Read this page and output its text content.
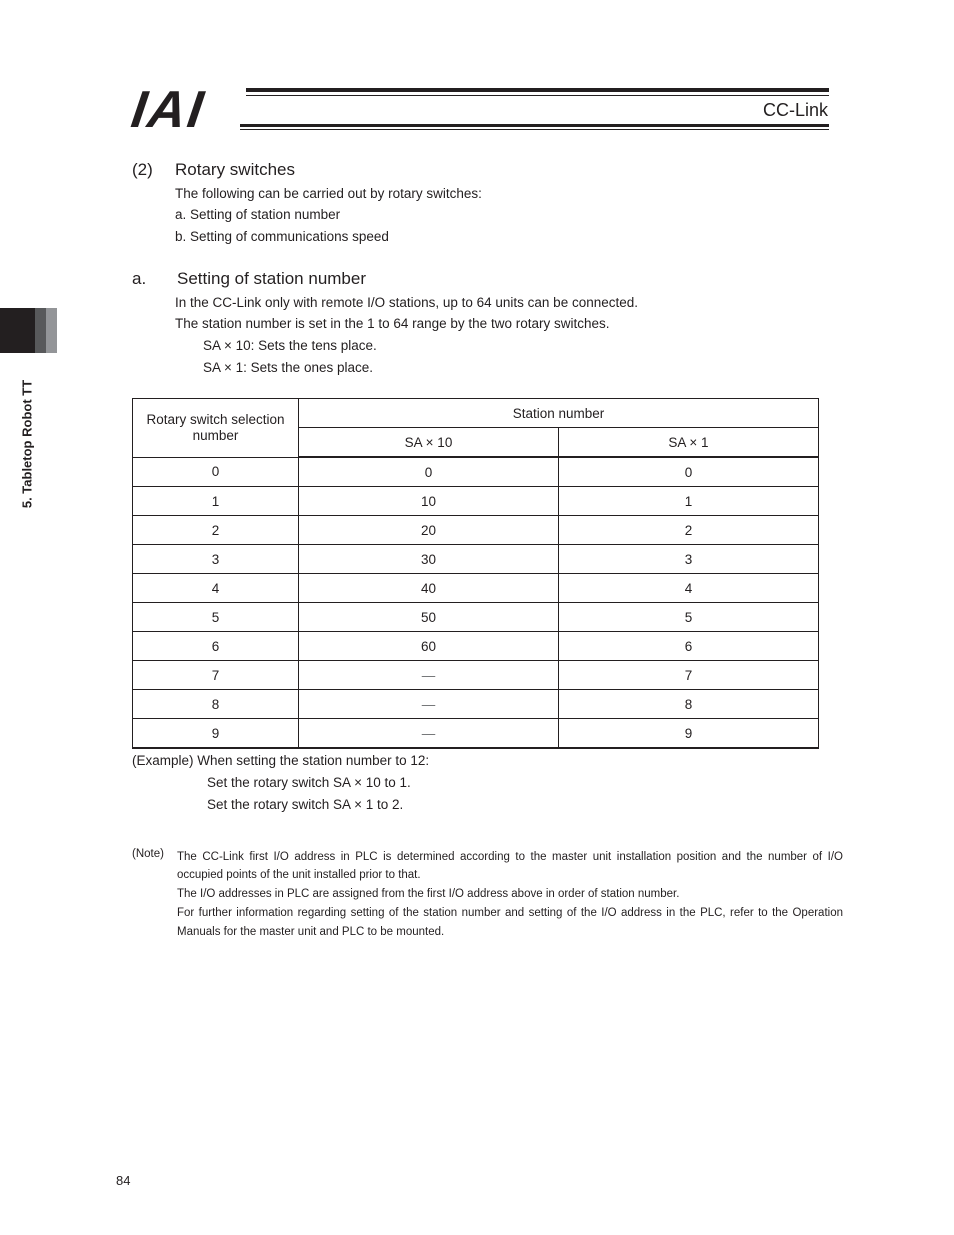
IAI	CC-Link
5. Tabletop Robot TT
(2) Rotary switches
The following can be carried out by rotary switches:
a. Setting of station number
b. Setting of communications speed
a. Setting of station number
In the CC-Link only with remote I/O stations, up to 64 units can be connected.
The station number is set in the 1 to 64 range by the two rotary switches.
SA × 10: Sets the tens place.
SA × 1: Sets the ones place.
Rotary switch selection number	Station number	
	SA × 10	SA × 1
0	0	0
1	10	1
2	20	2
3	30	3
4	40	4
5	50	5
6	60	6
7	—	7
8	—	8
9	—	9
(Example) When setting the station number to 12:
Set the rotary switch SA × 10 to 1.
Set the rotary switch SA × 1 to 2.
(Note) The CC-Link first I/O address in PLC is determined according to the master unit installation position and the number of I/O occupied points of the unit installed prior to that.
The I/O addresses in PLC are assigned from the first I/O address above in order of station number.
For further information regarding setting of the station number and setting of the I/O address in the PLC, refer to the Operation Manuals for the master unit and PLC to be mounted.
84
